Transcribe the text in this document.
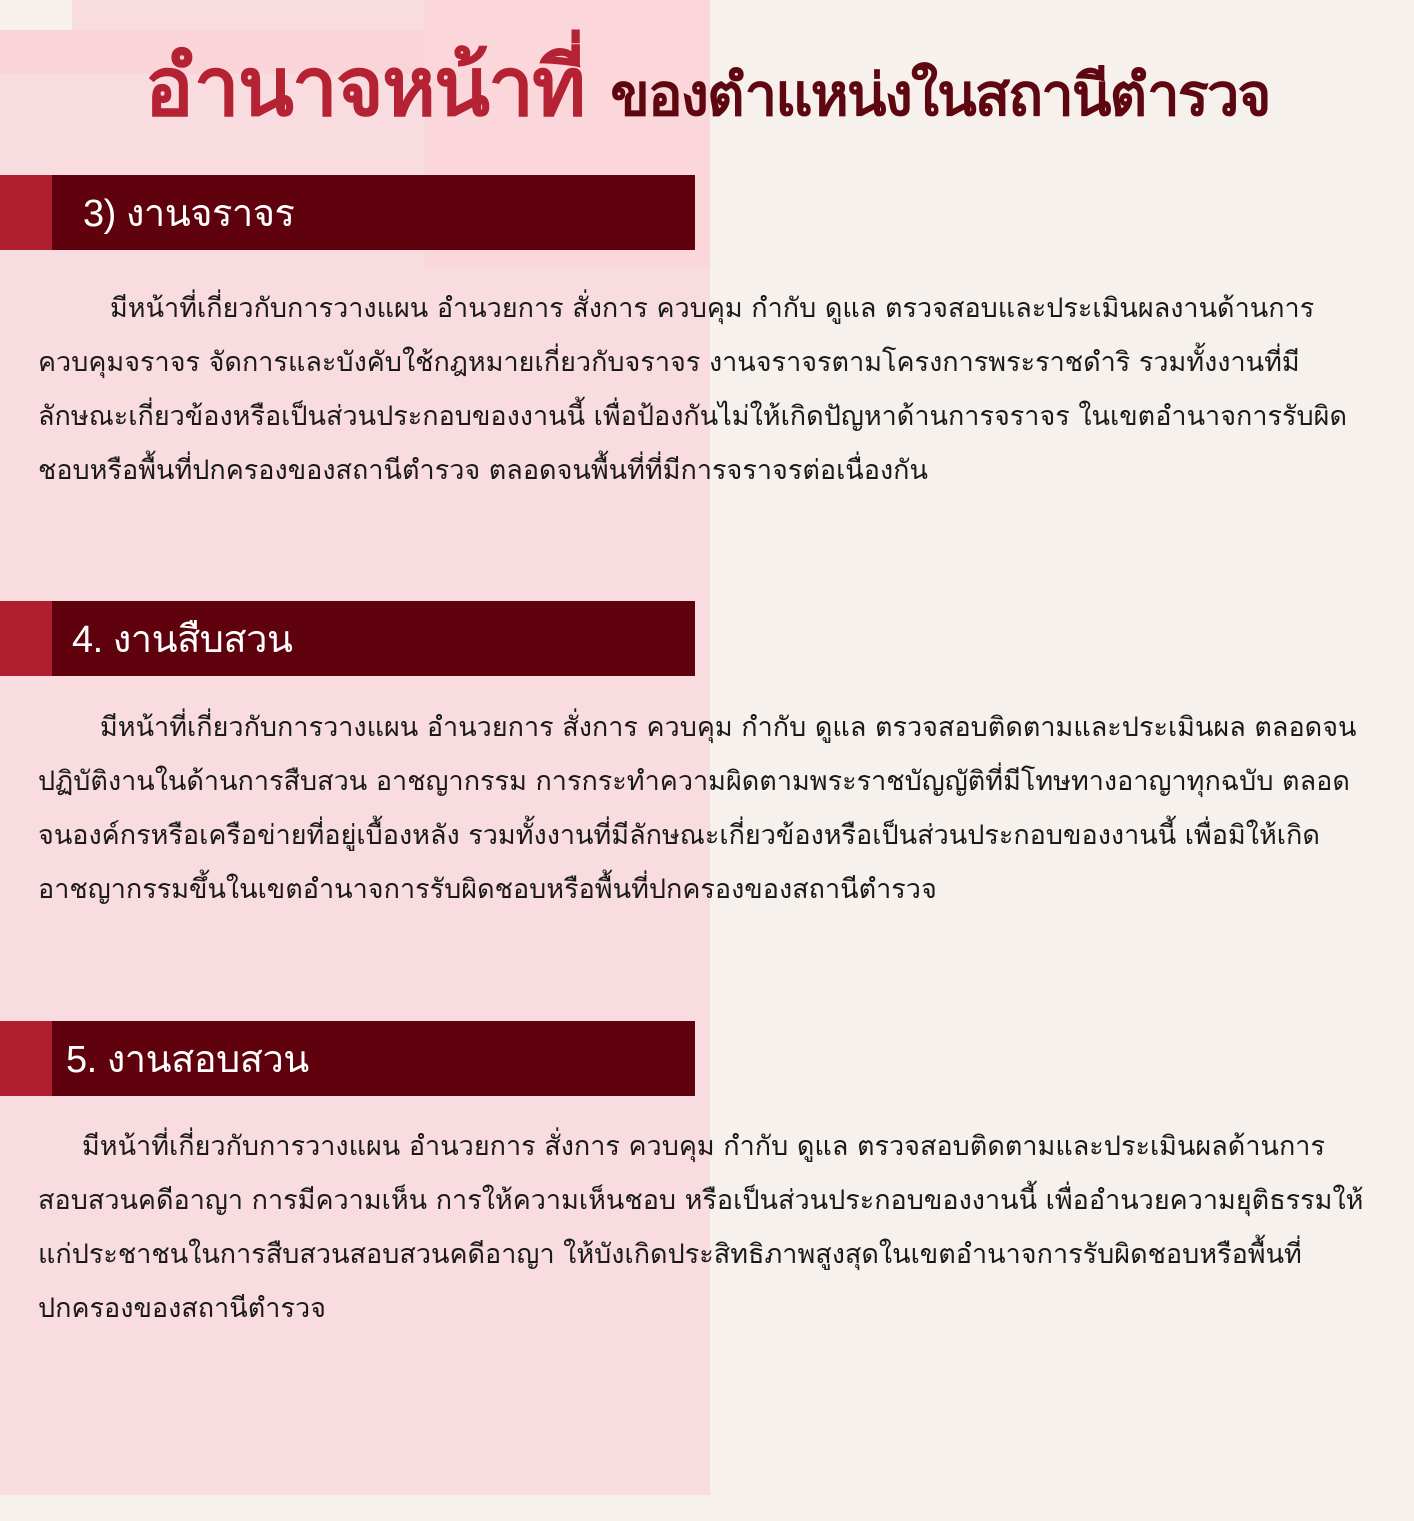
อำนาจหน้าที่ ของตำแหน่งในสถานีตำรวจ
3) งานจราจร

มีหน้าที่เกี่ยวกับการวางแผน อำนวยการ สั่งการ ควบคุม กำกับ ดูแล ตรวจสอบและประเมินผลงานด้านการควบคุมจราจร จัดการและบังคับใช้กฎหมายเกี่ยวกับจราจร งานจราจรตามโครงการพระราชดำริ รวมทั้งงานที่มีลักษณะเกี่ยวข้องหรือเป็นส่วนประกอบของงานนี้ เพื่อป้องกันไม่ให้เกิดปัญหาด้านการจราจร ในเขตอำนาจการรับผิดชอบหรือพื้นที่ปกครองของสถานีตำรวจ ตลอดจนพื้นที่ที่มีการจราจรต่อเนื่องกัน

4. งานสืบสวน

มีหน้าที่เกี่ยวกับการวางแผน อำนวยการ สั่งการ ควบคุม กำกับ ดูแล ตรวจสอบติดตามและประเมินผล ตลอดจนปฏิบัติงานในด้านการสืบสวน อาชญากรรม การกระทำความผิดตามพระราชบัญญัติที่มีโทษทางอาญาทุกฉบับ ตลอดจนองค์กรหรือเครือข่ายที่อยู่เบื้องหลัง รวมทั้งงานที่มีลักษณะเกี่ยวข้องหรือเป็นส่วนประกอบของงานนี้ เพื่อมิให้เกิดอาชญากรรมขึ้นในเขตอำนาจการรับผิดชอบหรือพื้นที่ปกครองของสถานีตำรวจ

5. งานสอบสวน

มีหน้าที่เกี่ยวกับการวางแผน อำนวยการ สั่งการ ควบคุม กำกับ ดูแล ตรวจสอบติดตามและประเมินผลด้านการสอบสวนคดีอาญา การมีความเห็น การให้ความเห็นชอบ หรือเป็นส่วนประกอบของงานนี้ เพื่ออำนวยความยุติธรรมให้แก่ประชาชนในการสืบสวนสอบสวนคดีอาญา ให้บังเกิดประสิทธิภาพสูงสุดในเขตอำนาจการรับผิดชอบหรือพื้นที่ปกครองของสถานีตำรวจ
